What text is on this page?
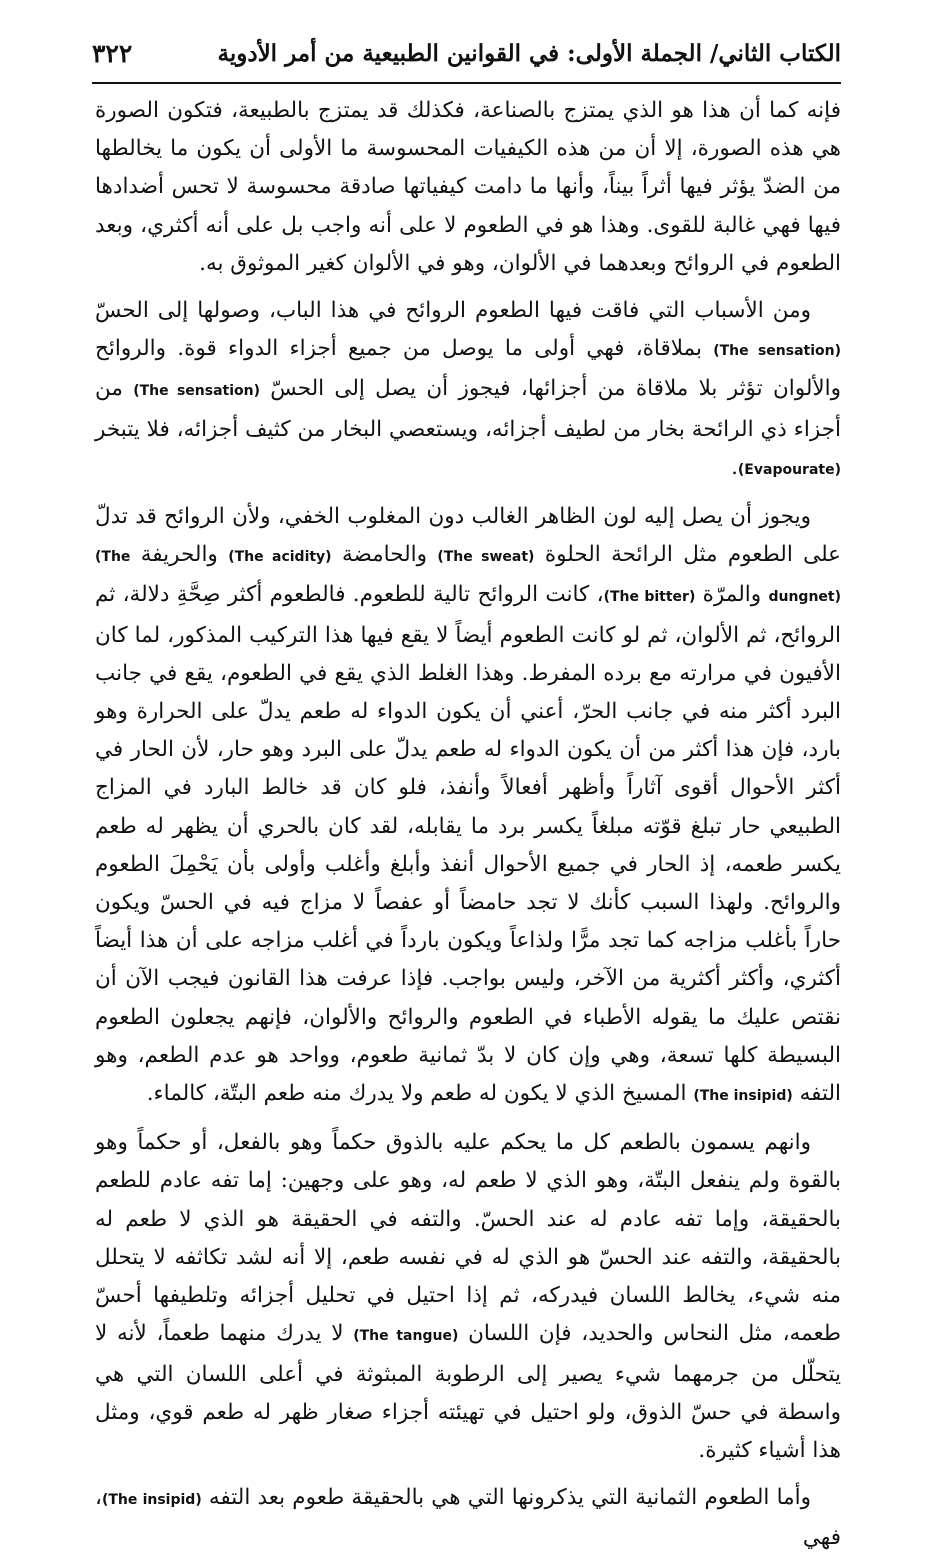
الكتاب الثاني/ الجملة الأولى: في القوانين الطبيعية من أمر الأدوية
٣٢٢

فإنه كما أن هذا هو الذي يمتزج بالصناعة، فكذلك قد يمتزج بالطبيعة، فتكون الصورة هي هذه الصورة، إلا أن من هذه الكيفيات المحسوسة ما الأولى أن يكون ما يخالطها من الضدّ يؤثر فيها أثراً بيناً، وأنها ما دامت كيفياتها صادقة محسوسة لا تحس أضدادها فيها فهي غالبة للقوى. وهذا هو في الطعوم لا على أنه واجب بل على أنه أكثري، وبعد الطعوم في الروائح وبعدهما في الألوان، وهو في الألوان كغير الموثوق به.

ومن الأسباب التي فاقت فيها الطعوم الروائح في هذا الباب، وصولها إلى الحسّ (The sensation) بملاقاة، فهي أولى ما يوصل من جميع أجزاء الدواء قوة. والروائح والألوان تؤثر بلا ملاقاة من أجزائها، فيجوز أن يصل إلى الحسّ (The sensation) من أجزاء ذي الرائحة بخار من لطيف أجزائه، ويستعصي البخار من كثيف أجزائه، فلا يتبخر (Evapourate).

ويجوز أن يصل إليه لون الظاهر الغالب دون المغلوب الخفي، ولأن الروائح قد تدلّ على الطعوم مثل الرائحة الحلوة (The sweat) والحامضة (The acidity) والحريفة (The dungnet) والمرّة (The bitter)، كانت الروائح تالية للطعوم. فالطعوم أكثر صِحَّةِ دلالة، ثم الروائح، ثم الألوان، ثم لو كانت الطعوم أيضاً لا يقع فيها هذا التركيب المذكور، لما كان الأفيون في مرارته مع برده المفرط. وهذا الغلط الذي يقع في الطعوم، يقع في جانب البرد أكثر منه في جانب الحرّ، أعني أن يكون الدواء له طعم يدلّ على الحرارة وهو بارد، فإن هذا أكثر من أن يكون الدواء له طعم يدلّ على البرد وهو حار، لأن الحار في أكثر الأحوال أقوى آثاراً وأظهر أفعالاً وأنفذ، فلو كان قد خالط البارد في المزاج الطبيعي حار تبلغ قوّته مبلغاً يكسر برد ما يقابله، لقد كان بالحري أن يظهر له طعم يكسر طعمه، إذ الحار في جميع الأحوال أنفذ وأبلغ وأغلب وأولى بأن يَحْمِلَ الطعوم والروائح. ولهذا السبب كأنك لا تجد حامضاً أو عفصاً لا مزاج فيه في الحسّ ويكون حاراً بأغلب مزاجه كما تجد مرًّا ولذاعاً ويكون بارداً في أغلب مزاجه على أن هذا أيضاً أكثري، وأكثر أكثرية من الآخر، وليس بواجب. فإذا عرفت هذا القانون فيجب الآن أن نقتص عليك ما يقوله الأطباء في الطعوم والروائح والألوان، فإنهم يجعلون الطعوم البسيطة كلها تسعة، وهي وإن كان لا بدّ ثمانية طعوم، وواحد هو عدم الطعم، وهو التفه (The insipid) المسيخ الذي لا يكون له طعم ولا يدرك منه طعم البتّة، كالماء.

وانهم يسمون بالطعم كل ما يحكم عليه بالذوق حكماً وهو بالفعل، أو حكماً وهو بالقوة ولم ينفعل البتّة، وهو الذي لا طعم له، وهو على وجهين: إما تفه عادم للطعم بالحقيقة، وإما تفه عادم له عند الحسّ. والتفه في الحقيقة هو الذي لا طعم له بالحقيقة، والتفه عند الحسّ هو الذي له في نفسه طعم، إلا أنه لشد تكاثفه لا يتحلل منه شيء، يخالط اللسان فيدركه، ثم إذا احتيل في تحليل أجزائه وتلطيفها أحسّ طعمه، مثل النحاس والحديد، فإن اللسان (The tangue) لا يدرك منهما طعماً، لأنه لا يتحلّل من جرمهما شيء يصير إلى الرطوبة المبثوثة في أعلى اللسان التي هي واسطة في حسّ الذوق، ولو احتيل في تهيئته أجزاء صغار ظهر له طعم قوي، ومثل هذا أشياء كثيرة.

وأما الطعوم الثمانية التي يذكرونها التي هي بالحقيقة طعوم بعد التفه (The insipid)، فهي
